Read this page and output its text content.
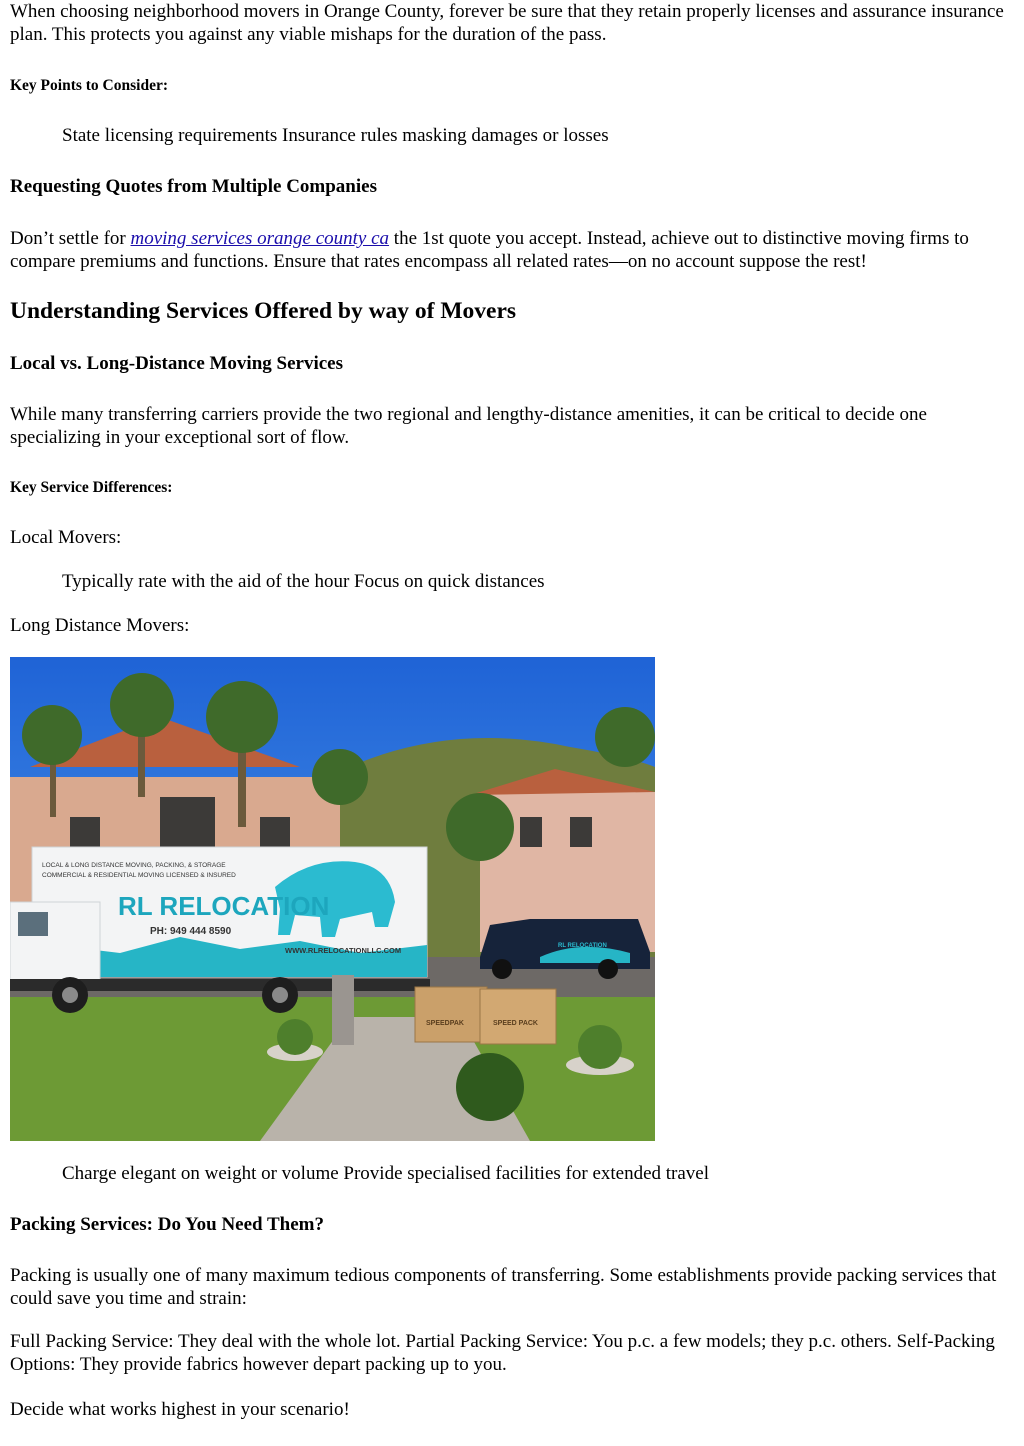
When choosing neighborhood movers in Orange County, forever be sure that they retain properly licenses and assurance insurance plan. This protects you against any viable mishaps for the duration of the pass.

Key Points to Consider:

State licensing requirements Insurance rules masking damages or losses

Requesting Quotes from Multiple Companies

Don’t settle for moving services orange county ca the 1st quote you accept. Instead, achieve out to distinctive moving firms to compare premiums and functions. Ensure that rates encompass all related rates—on no account suppose the rest!

Understanding Services Offered by way of Movers

Local vs. Long-Distance Moving Services

While many transferring carriers provide the two regional and lengthy-distance amenities, it can be critical to decide one specializing in your exceptional sort of flow.

Key Service Differences:

Local Movers:

Typically rate with the aid of the hour Focus on quick distances

Long Distance Movers:

LOCAL & LONG DISTANCE MOVING, PACKING, & STORAGE
COMMERCIAL & RESIDENTIAL MOVING LICENSED & INSURED
RL RELOCATION
PH: 949 444 8590
WWW.RLRELOCATIONLLC.COM	RL RELOCATION
SPEEDPAK	SPEED PACK

Charge elegant on weight or volume Provide specialised facilities for extended travel

Packing Services: Do You Need Them?

Packing is usually one of many maximum tedious components of transferring. Some establishments provide packing services that could save you time and strain:

Full Packing Service: They deal with the whole lot. Partial Packing Service: You p.c. a few models; they p.c. others. Self-Packing Options: They provide fabrics however depart packing up to you.

Decide what works highest in your scenario!
